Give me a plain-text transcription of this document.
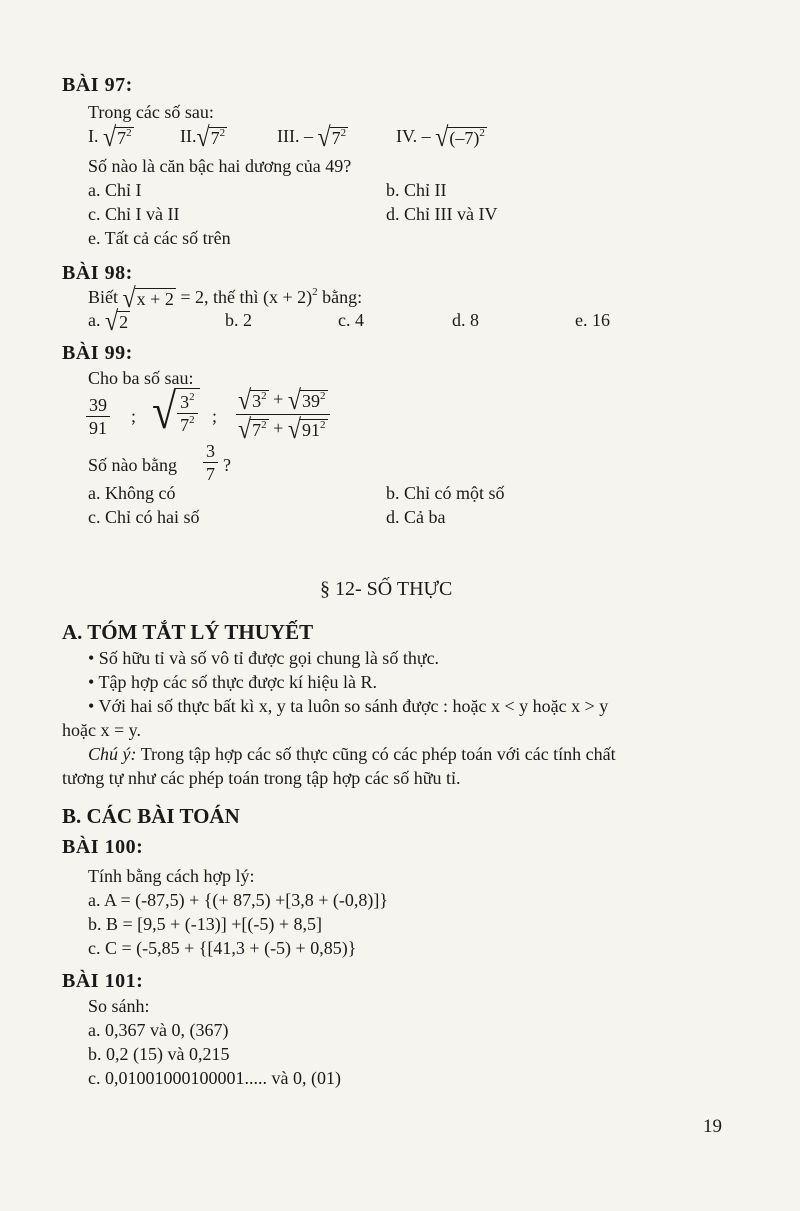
BÀI 97:
Trong các số sau:
I. √ $7^2$	II. √ $7^2$	III. – √ $7^2$	IV. – √ $(-7)^2$
Số nào là căn bậc hai dương của 49?
a. Chỉ I	b. Chỉ II
c. Chỉ I và II	d. Chỉ III và IV
e. Tất cả các số trên
BÀI 98:
Biết √ x + 2 = 2, thế thì $(x + 2)^2$ bằng:
a. √ 2	b. 2	c. 4	d. 8	e. 16
BÀI 99:
Cho ba số sau:
$\frac{39}{91}$ ; √ $\frac{3^2}{7^2}$ ; $\frac{√ 3^2 + √ 39^2}{√ 7^2 + √ 91^2}$
Số nào bằng $\frac{3}{7}$ ?
a. Không có	b. Chỉ có một số
c. Chỉ có hai số	d. Cả ba
§ 12- SỐ THỰC
A. TÓM TẮT LÝ THUYẾT
• Số hữu tỉ và số vô tỉ được gọi chung là số thực.
• Tập hợp các số thực được kí hiệu là R.
• Với hai số thực bất kì x, y ta luôn so sánh được : hoặc x < y hoặc x > y
hoặc x = y.
Chú ý: Trong tập hợp các số thực cũng có các phép toán với các tính chất
tương tự như các phép toán trong tập hợp các số hữu tỉ.
B. CÁC BÀI TOÁN
BÀI 100:
Tính bằng cách hợp lý:
a. A = (-87,5) + {(+ 87,5) +[3,8 + (-0,8)]}
b. B = [9,5 + (-13)] +[(-5) + 8,5]
c. C = (-5,85 + {[41,3 + (-5) + 0,85)}
BÀI 101:
So sánh:
a. 0,367 và 0, (367)
b. 0,2 (15) và 0,215
c. 0,01001000100001..... và 0, (01)
19
